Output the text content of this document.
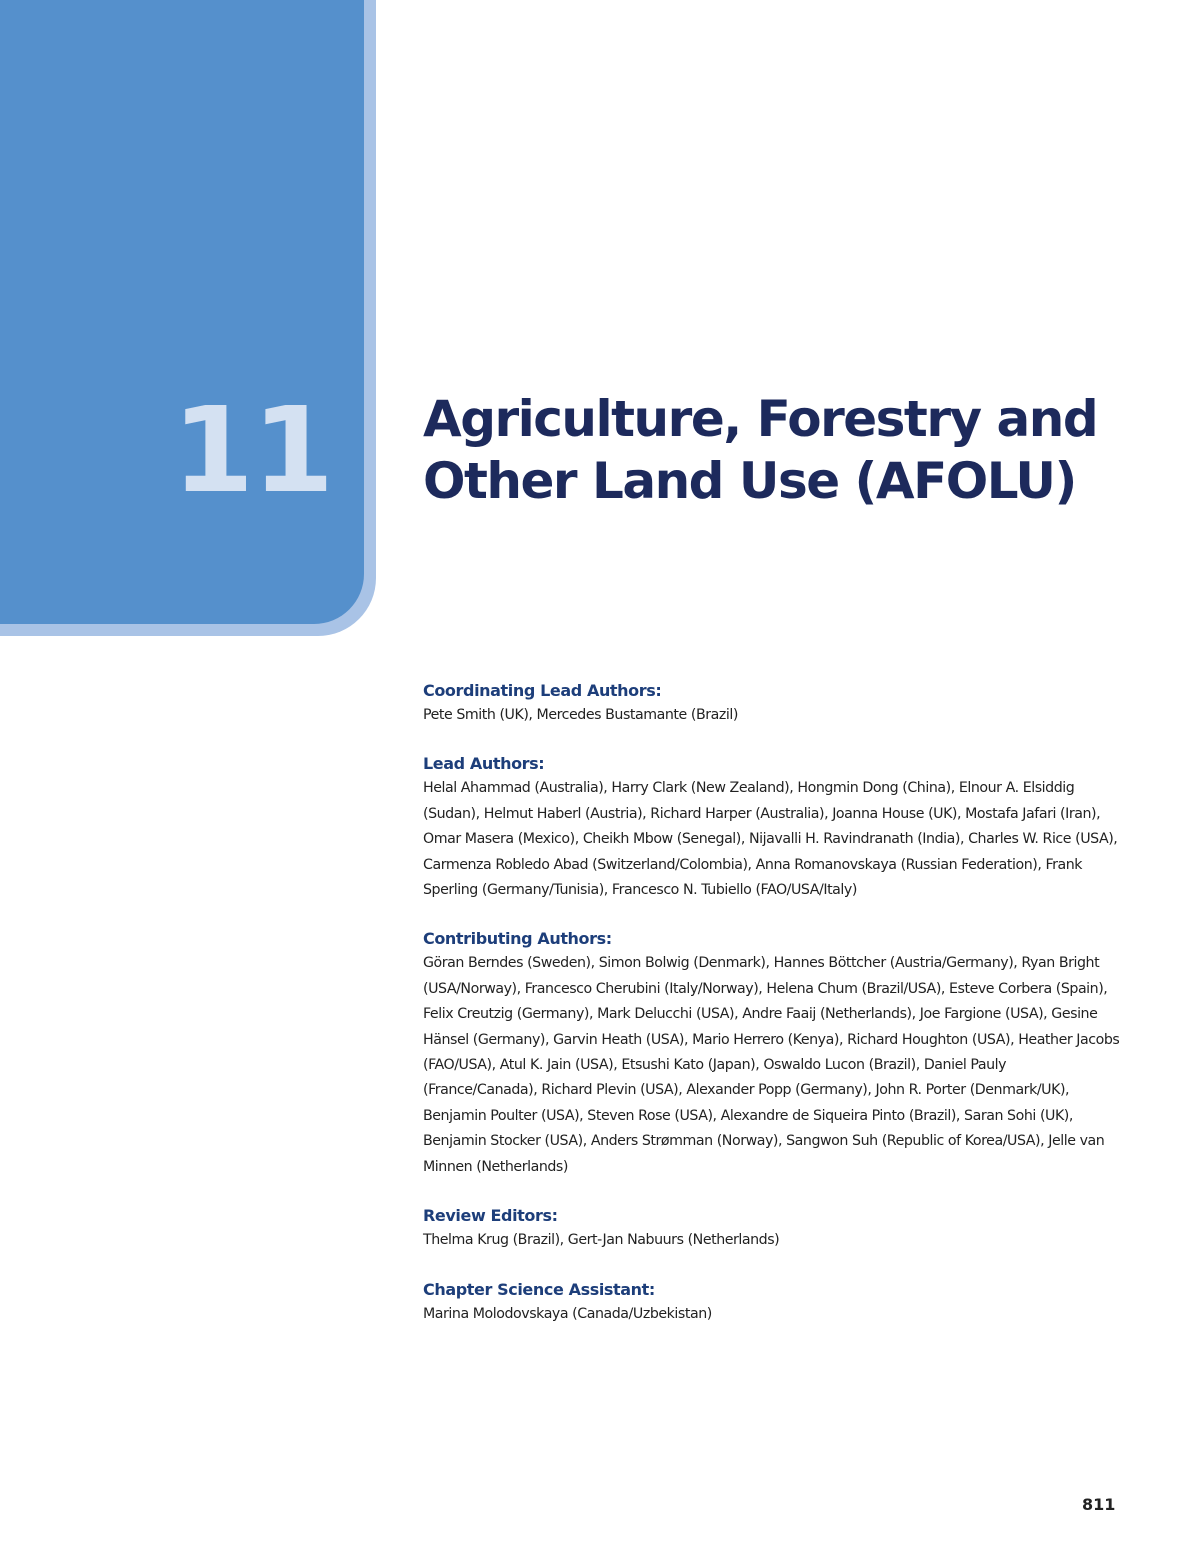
11 Agriculture, Forestry and Other Land Use (AFOLU)
Coordinating Lead Authors:

Pete Smith (UK), Mercedes Bustamante (Brazil)

Lead Authors:

Helal Ahammad (Australia), Harry Clark (New Zealand), Hongmin Dong (China), Elnour A. Elsiddig (Sudan), Helmut Haberl (Austria), Richard Harper (Australia), Joanna House (UK), Mostafa Jafari (Iran), Omar Masera (Mexico), Cheikh Mbow (Senegal), Nijavalli H. Ravindranath (India), Charles W. Rice (USA), Carmenza Robledo Abad (Switzerland/Colombia), Anna Romanovskaya (Russian Federation), Frank Sperling (Germany/Tunisia), Francesco N. Tubiello (FAO/USA/Italy)

Contributing Authors:

Göran Berndes (Sweden), Simon Bolwig (Denmark), Hannes Böttcher (Austria/Germany), Ryan Bright (USA/Norway), Francesco Cherubini (Italy/Norway), Helena Chum (Brazil/USA), Esteve Corbera (Spain), Felix Creutzig (Germany), Mark Delucchi (USA), Andre Faaij (Netherlands), Joe Fargione (USA), Gesine Hänsel (Germany), Garvin Heath (USA), Mario Herrero (Kenya), Richard Houghton (USA), Heather Jacobs (FAO/USA), Atul K. Jain (USA), Etsushi Kato (Japan), Oswaldo Lucon (Brazil), Daniel Pauly (France/Canada), Richard Plevin (USA), Alexander Popp (Germany), John R. Porter (Denmark/UK), Benjamin Poulter (USA), Steven Rose (USA), Alexandre de Siqueira Pinto (Brazil), Saran Sohi (UK), Benjamin Stocker (USA), Anders Strømman (Norway), Sangwon Suh (Republic of Korea/USA), Jelle van Minnen (Netherlands)

Review Editors:

Thelma Krug (Brazil), Gert-Jan Nabuurs (Netherlands)

Chapter Science Assistant:

Marina Molodovskaya (Canada/Uzbekistan)

811
